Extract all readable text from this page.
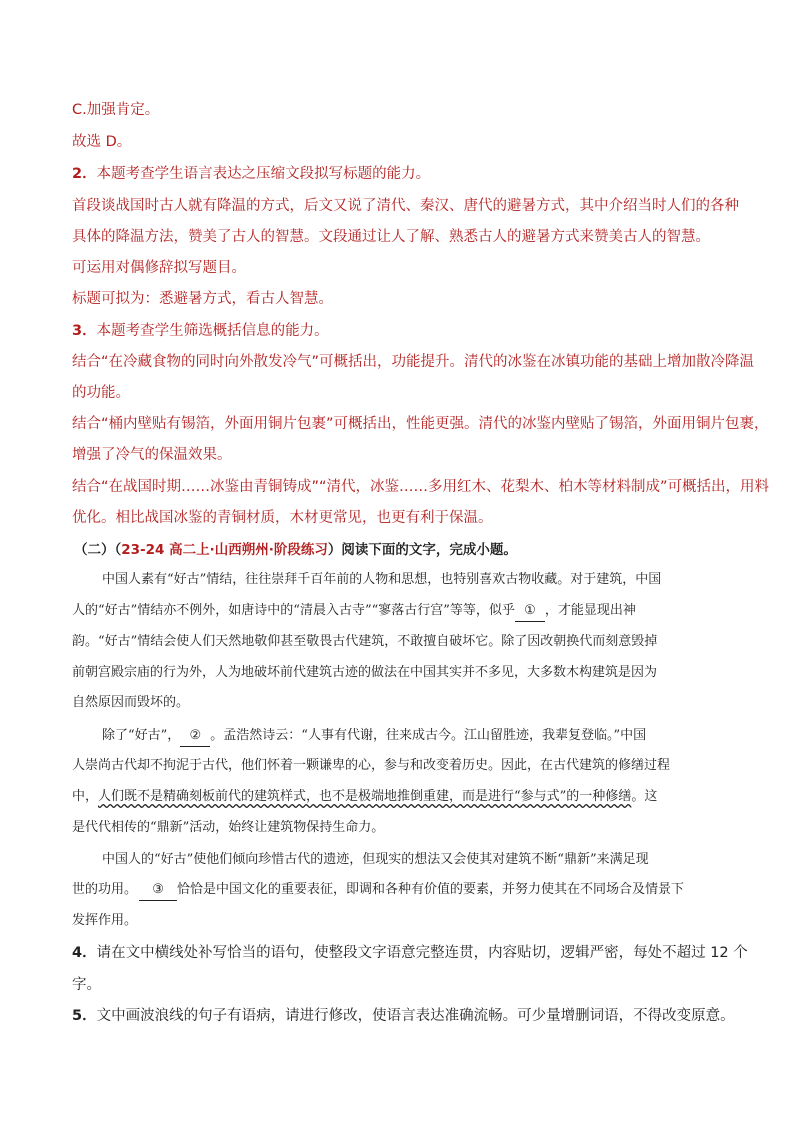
C.加强肯定。
故选 D。
2．本题考查学生语言表达之压缩文段拟写标题的能力。
首段谈战国时古人就有降温的方式，后文又说了清代、秦汉、唐代的避暑方式，其中介绍当时人们的各种
具体的降温方法，赞美了古人的智慧。文段通过让人了解、熟悉古人的避暑方式来赞美古人的智慧。
可运用对偶修辞拟写题目。
标题可拟为：悉避暑方式，看古人智慧。
3．本题考查学生筛选概括信息的能力。
结合“在冷藏食物的同时向外散发冷气”可概括出，功能提升。清代的冰鉴在冰镇功能的基础上增加散冷降温
的功能。
结合“桶内壁贴有锡箔，外面用铜片包裹”可概括出，性能更强。清代的冰鉴内壁贴了锡箔，外面用铜片包裹，
增强了冷气的保温效果。
结合“在战国时期……冰鉴由青铜铸成”“清代，冰鉴……多用红木、花梨木、柏木等材料制成”可概括出，用料
优化。相比战国冰鉴的青铜材质，木材更常见，也更有利于保温。
（二）（23-24 高二上·山西朔州·阶段练习）阅读下面的文字，完成小题。
中国人素有“好古”情结，往往崇拜千百年前的人物和思想，也特别喜欢古物收藏。对于建筑，中国
人的“好古”情结亦不例外，如唐诗中的“清晨入古寺”“寥落古行宫”等等，似乎 ① ，才能显现出神
韵。“好古”情结会使人们天然地敬仰甚至敬畏古代建筑，不敢擅自破坏它。除了因改朝换代而刻意毁掉
前朝宫殿宗庙的行为外，人为地破坏前代建筑古迹的做法在中国其实并不多见，大多数木构建筑是因为
自然原因而毁坏的。
除了“好古”， ② 。孟浩然诗云：“人事有代谢，往来成古今。江山留胜迹，我辈复登临。”中国
人崇尚古代却不拘泥于古代，他们怀着一颗谦卑的心，参与和改变着历史。因此，在古代建筑的修缮过程
中，人们既不是精确刻板前代的建筑样式，也不是极端地推倒重建，而是进行“参与式”的一种修缮。这
是代代相传的“鼎新”活动，始终让建筑物保持生命力。
中国人的“好古”使他们倾向珍惜古代的遗迹，但现实的想法又会使其对建筑不断“鼎新”来满足现
世的功用。	③ 恰恰是中国文化的重要表征，即调和各种有价值的要素，并努力使其在不同场合及情景下
发挥作用。
4．请在文中横线处补写恰当的语句，使整段文字语意完整连贯，内容贴切，逻辑严密，每处不超过 12 个
字。
5．文中画波浪线的句子有语病，请进行修改，使语言表达准确流畅。可少量增删词语，不得改变原意。
